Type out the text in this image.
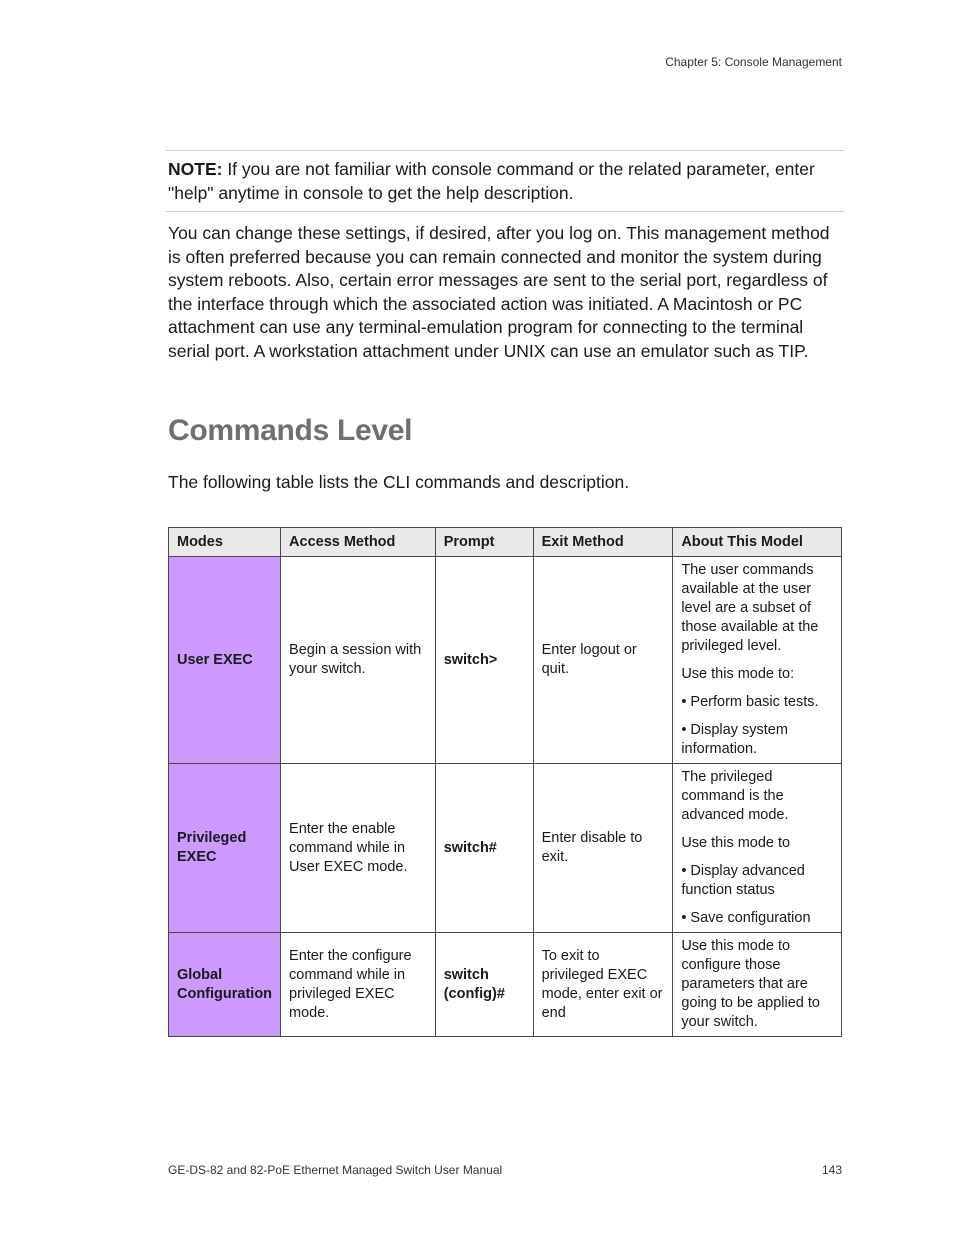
Chapter 5: Console Management
NOTE: If you are not familiar with console command or the related parameter, enter "help" anytime in console to get the help description.

You can change these settings, if desired, after you log on. This management method is often preferred because you can remain connected and monitor the system during system reboots. Also, certain error messages are sent to the serial port, regardless of the interface through which the associated action was initiated. A Macintosh or PC attachment can use any terminal-emulation program for connecting to the terminal serial port. A workstation attachment under UNIX can use an emulator such as TIP.

Commands Level

The following table lists the CLI commands and description.

Modes	Access Method	Prompt	Exit Method	About This Model
User EXEC	Begin a session with your switch.	switch>	Enter logout or quit.	The user commands available at the user level are a subset of those available at the privileged level.

Use this mode to:

• Perform basic tests.

• Display system information.

Privileged EXEC	Enter the enable command while in User EXEC mode.	switch#	Enter disable to exit.	The privileged command is the advanced mode.

Use this mode to

• Display advanced function status

• Save configuration

Global Configuration	Enter the configure command while in privileged EXEC mode.	switch (config)#	To exit to privileged EXEC mode, enter exit or end	Use this mode to configure those parameters that are going to be applied to your switch.

GE-DS-82 and 82-PoE Ethernet Managed Switch User Manual	143
